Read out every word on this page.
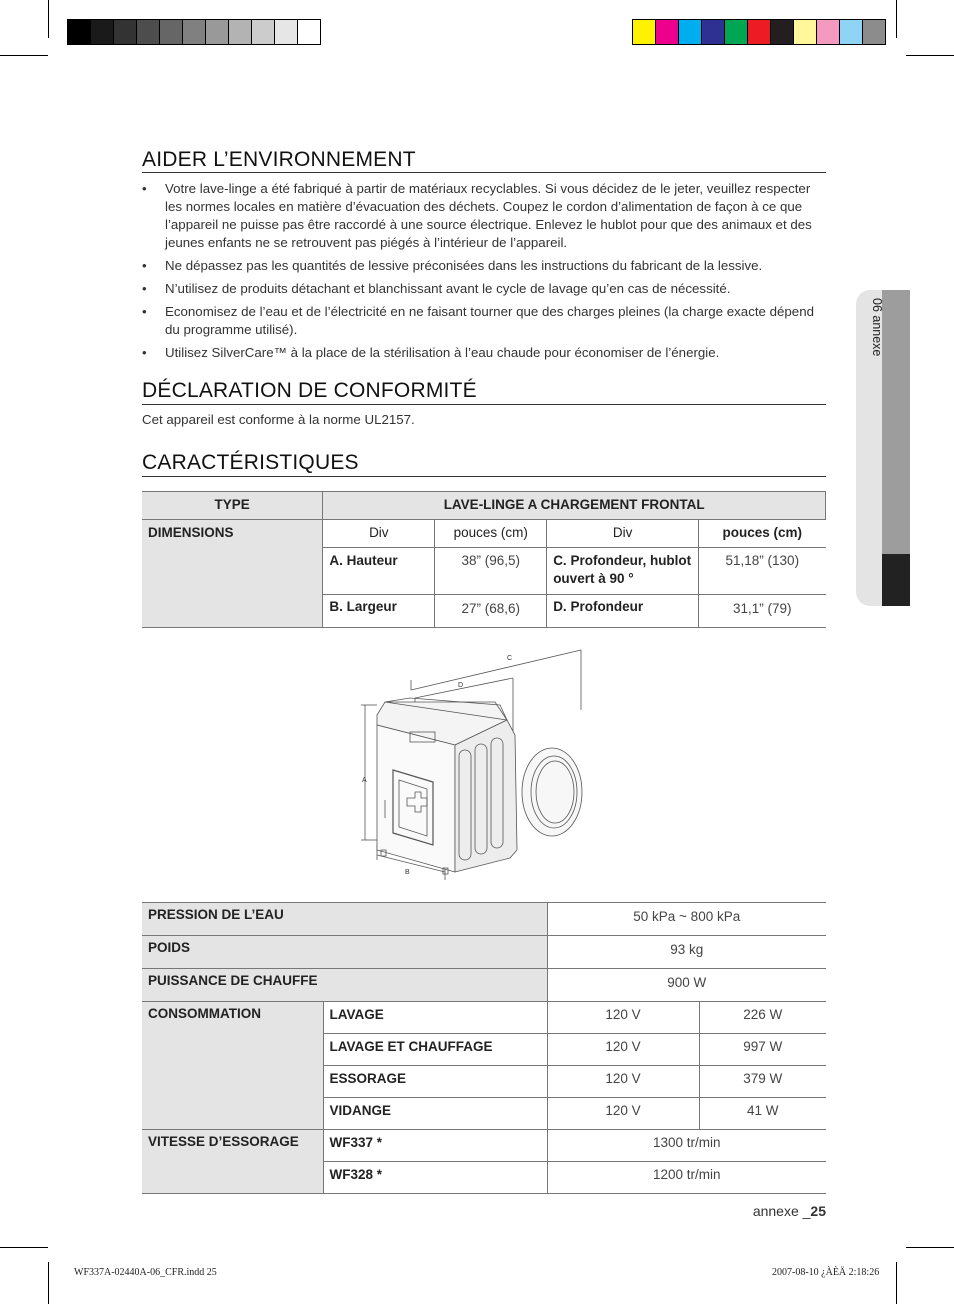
AIDER L’ENVIRONNEMENT
• Votre lave-linge a été fabriqué à partir de matériaux recyclables. Si vous décidez de le jeter, veuillez respecter les normes locales en matière d’évacuation des déchets. Coupez le cordon d’alimentation de façon à ce que l’appareil ne puisse pas être raccordé à une source électrique. Enlevez le hublot pour que des animaux et des jeunes enfants ne se retrouvent pas piégés à l’intérieur de l’appareil.
• Ne dépassez pas les quantités de lessive préconisées dans les instructions du fabricant de la lessive.
• N’utilisez de produits détachant et blanchissant avant le cycle de lavage qu’en cas de nécessité.
• Economisez de l’eau et de l’électricité en ne faisant tourner que des charges pleines (la charge exacte dépend du programme utilisé).
• Utilisez SilverCare™ à la place de la stérilisation à l’eau chaude pour économiser de l’énergie.
DÉCLARATION DE CONFORMITÉ
Cet appareil est conforme à la norme UL2157.
CARACTÉRISTIQUES
TYPE	LAVE-LINGE A CHARGEMENT FRONTAL			
DIMENSIONS	Div	pouces (cm)	Div	pouces (cm)
	A. Hauteur	38” (96,5)	C. Profondeur, hublot ouvert à 90 °	51,18” (130)
	B. Largeur	27” (68,6)	D. Profondeur	31,1” (79)
C
D
A
B
PRESSION DE L’EAU		50 kPa ~ 800 kPa	
POIDS		93 kg	
PUISSANCE DE CHAUFFE		900 W	
CONSOMMATION	LAVAGE	120 V	226 W
	LAVAGE ET CHAUFFAGE	120 V	997 W
	ESSORAGE	120 V	379 W
	VIDANGE	120 V	41 W
VITESSE D’ESSORAGE	WF337 *	1300 tr/min	
	WF328 *	1200 tr/min	
06 annexe
annexe _25
WF337A-02440A-06_CFR.indd 25	2007-08-10 ¿ÀÈÄ 2:18:26
